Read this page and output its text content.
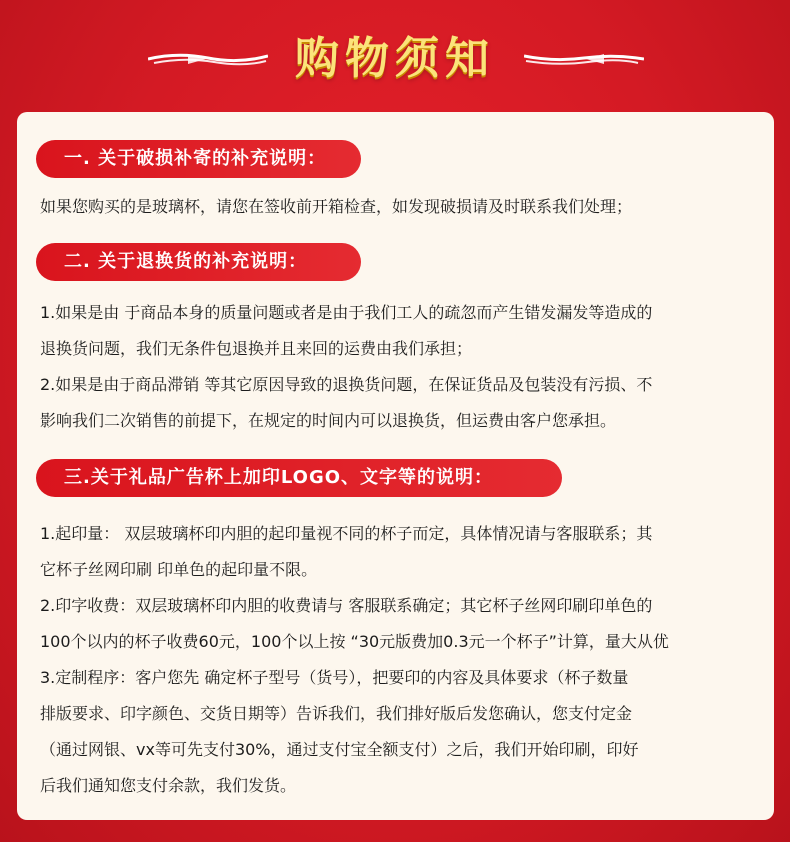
购物须知
一. 关于破损补寄的补充说明：
如果您购买的是玻璃杯，请您在签收前开箱检查，如发现破损请及时联系我们处理；
二. 关于退换货的补充说明：
1.如果是由 于商品本身的质量问题或者是由于我们工人的疏忽而产生错发漏发等造成的
退换货问题，我们无条件包退换并且来回的运费由我们承担；
2.如果是由于商品滞销 等其它原因导致的退换货问题，在保证货品及包装没有污损、不
影响我们二次销售的前提下，在规定的时间内可以退换货，但运费由客户您承担。
三.关于礼品广告杯上加印LOGO、文字等的说明：
1.起印量： 双层玻璃杯印内胆的起印量视不同的杯子而定，具体情况请与客服联系；其
它杯子丝网印刷 印单色的起印量不限。
2.印字收费：双层玻璃杯印内胆的收费请与 客服联系确定；其它杯子丝网印刷印单色的
100个以内的杯子收费60元，100个以上按 “30元版费加0.3元一个杯子”计算，量大从优
3.定制程序：客户您先 确定杯子型号（货号），把要印的内容及具体要求（杯子数量
排版要求、印字颜色、交货日期等）告诉我们，我们排好版后发您确认，您支付定金
（通过网银、vx等可先支付30%，通过支付宝全额支付）之后，我们开始印刷，印好
后我们通知您支付余款，我们发货。
